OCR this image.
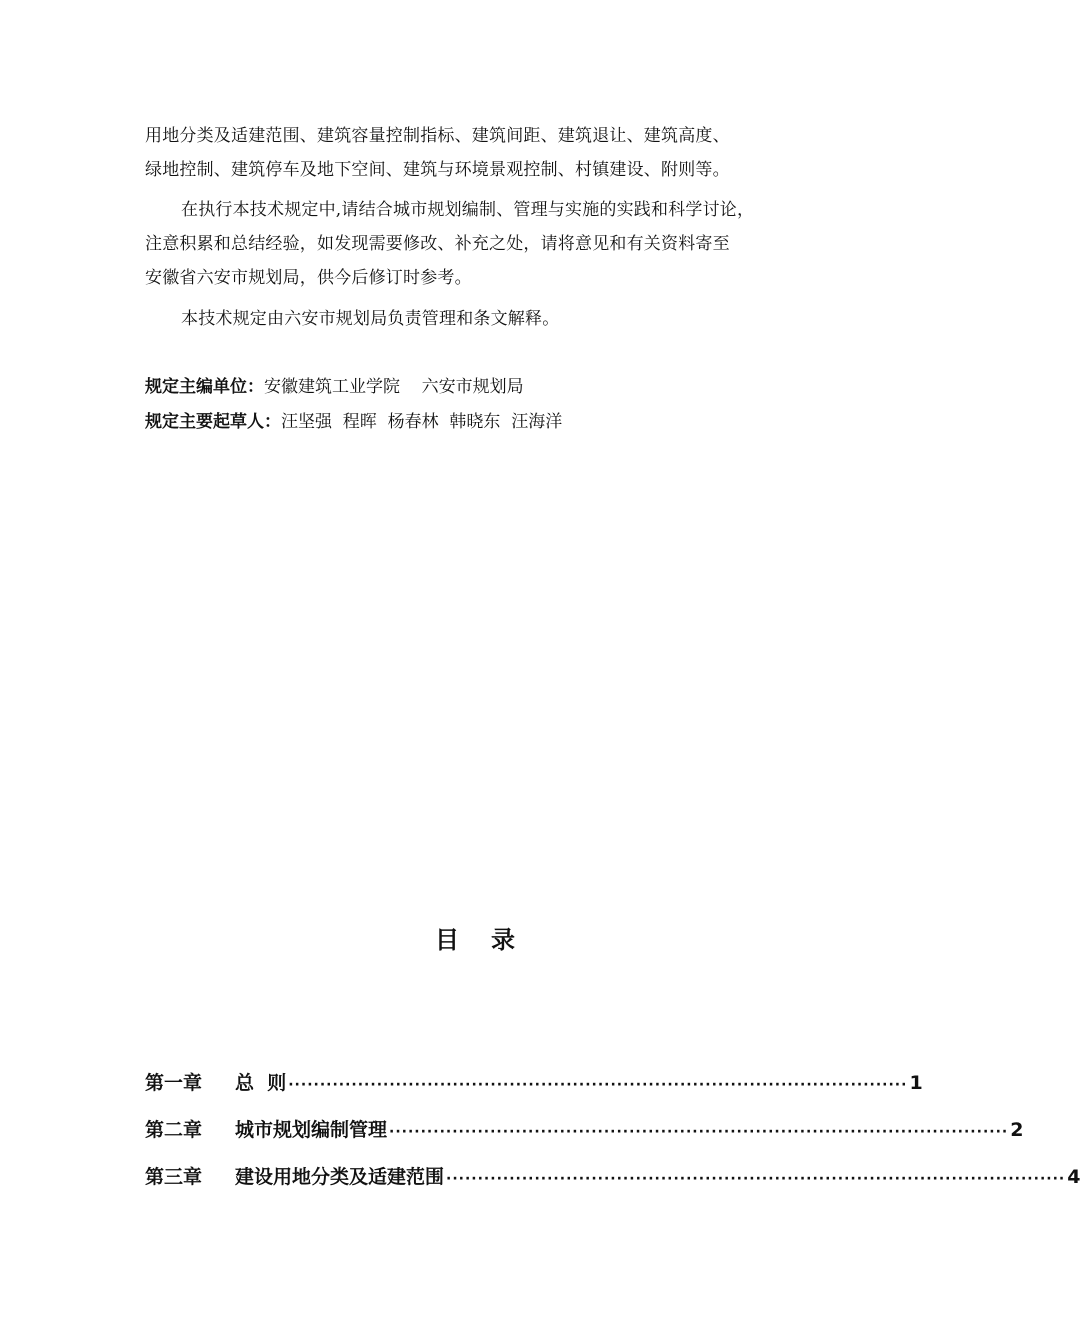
用地分类及适建范围、建筑容量控制指标、建筑间距、建筑退让、建筑高度、
绿地控制、建筑停车及地下空间、建筑与环境景观控制、村镇建设、附则等。

在执行本技术规定中,请结合城市规划编制、管理与实施的实践和科学讨论，
注意积累和总结经验，如发现需要修改、补充之处，请将意见和有关资料寄至
安徽省六安市规划局，供今后修订时参考。

本技术规定由六安市规划局负责管理和条文解释。

规定主编单位：安徽建筑工业学院    六安市规划局
规定主要起草人：汪坚强  程晖  杨春林  韩晓东  汪海洋
目录
第一章	总  则 ·································································································· 1
第二章	城市规划编制管理 ·································································································· 2
第三章	建设用地分类及适建范围 ·································································································· 4
